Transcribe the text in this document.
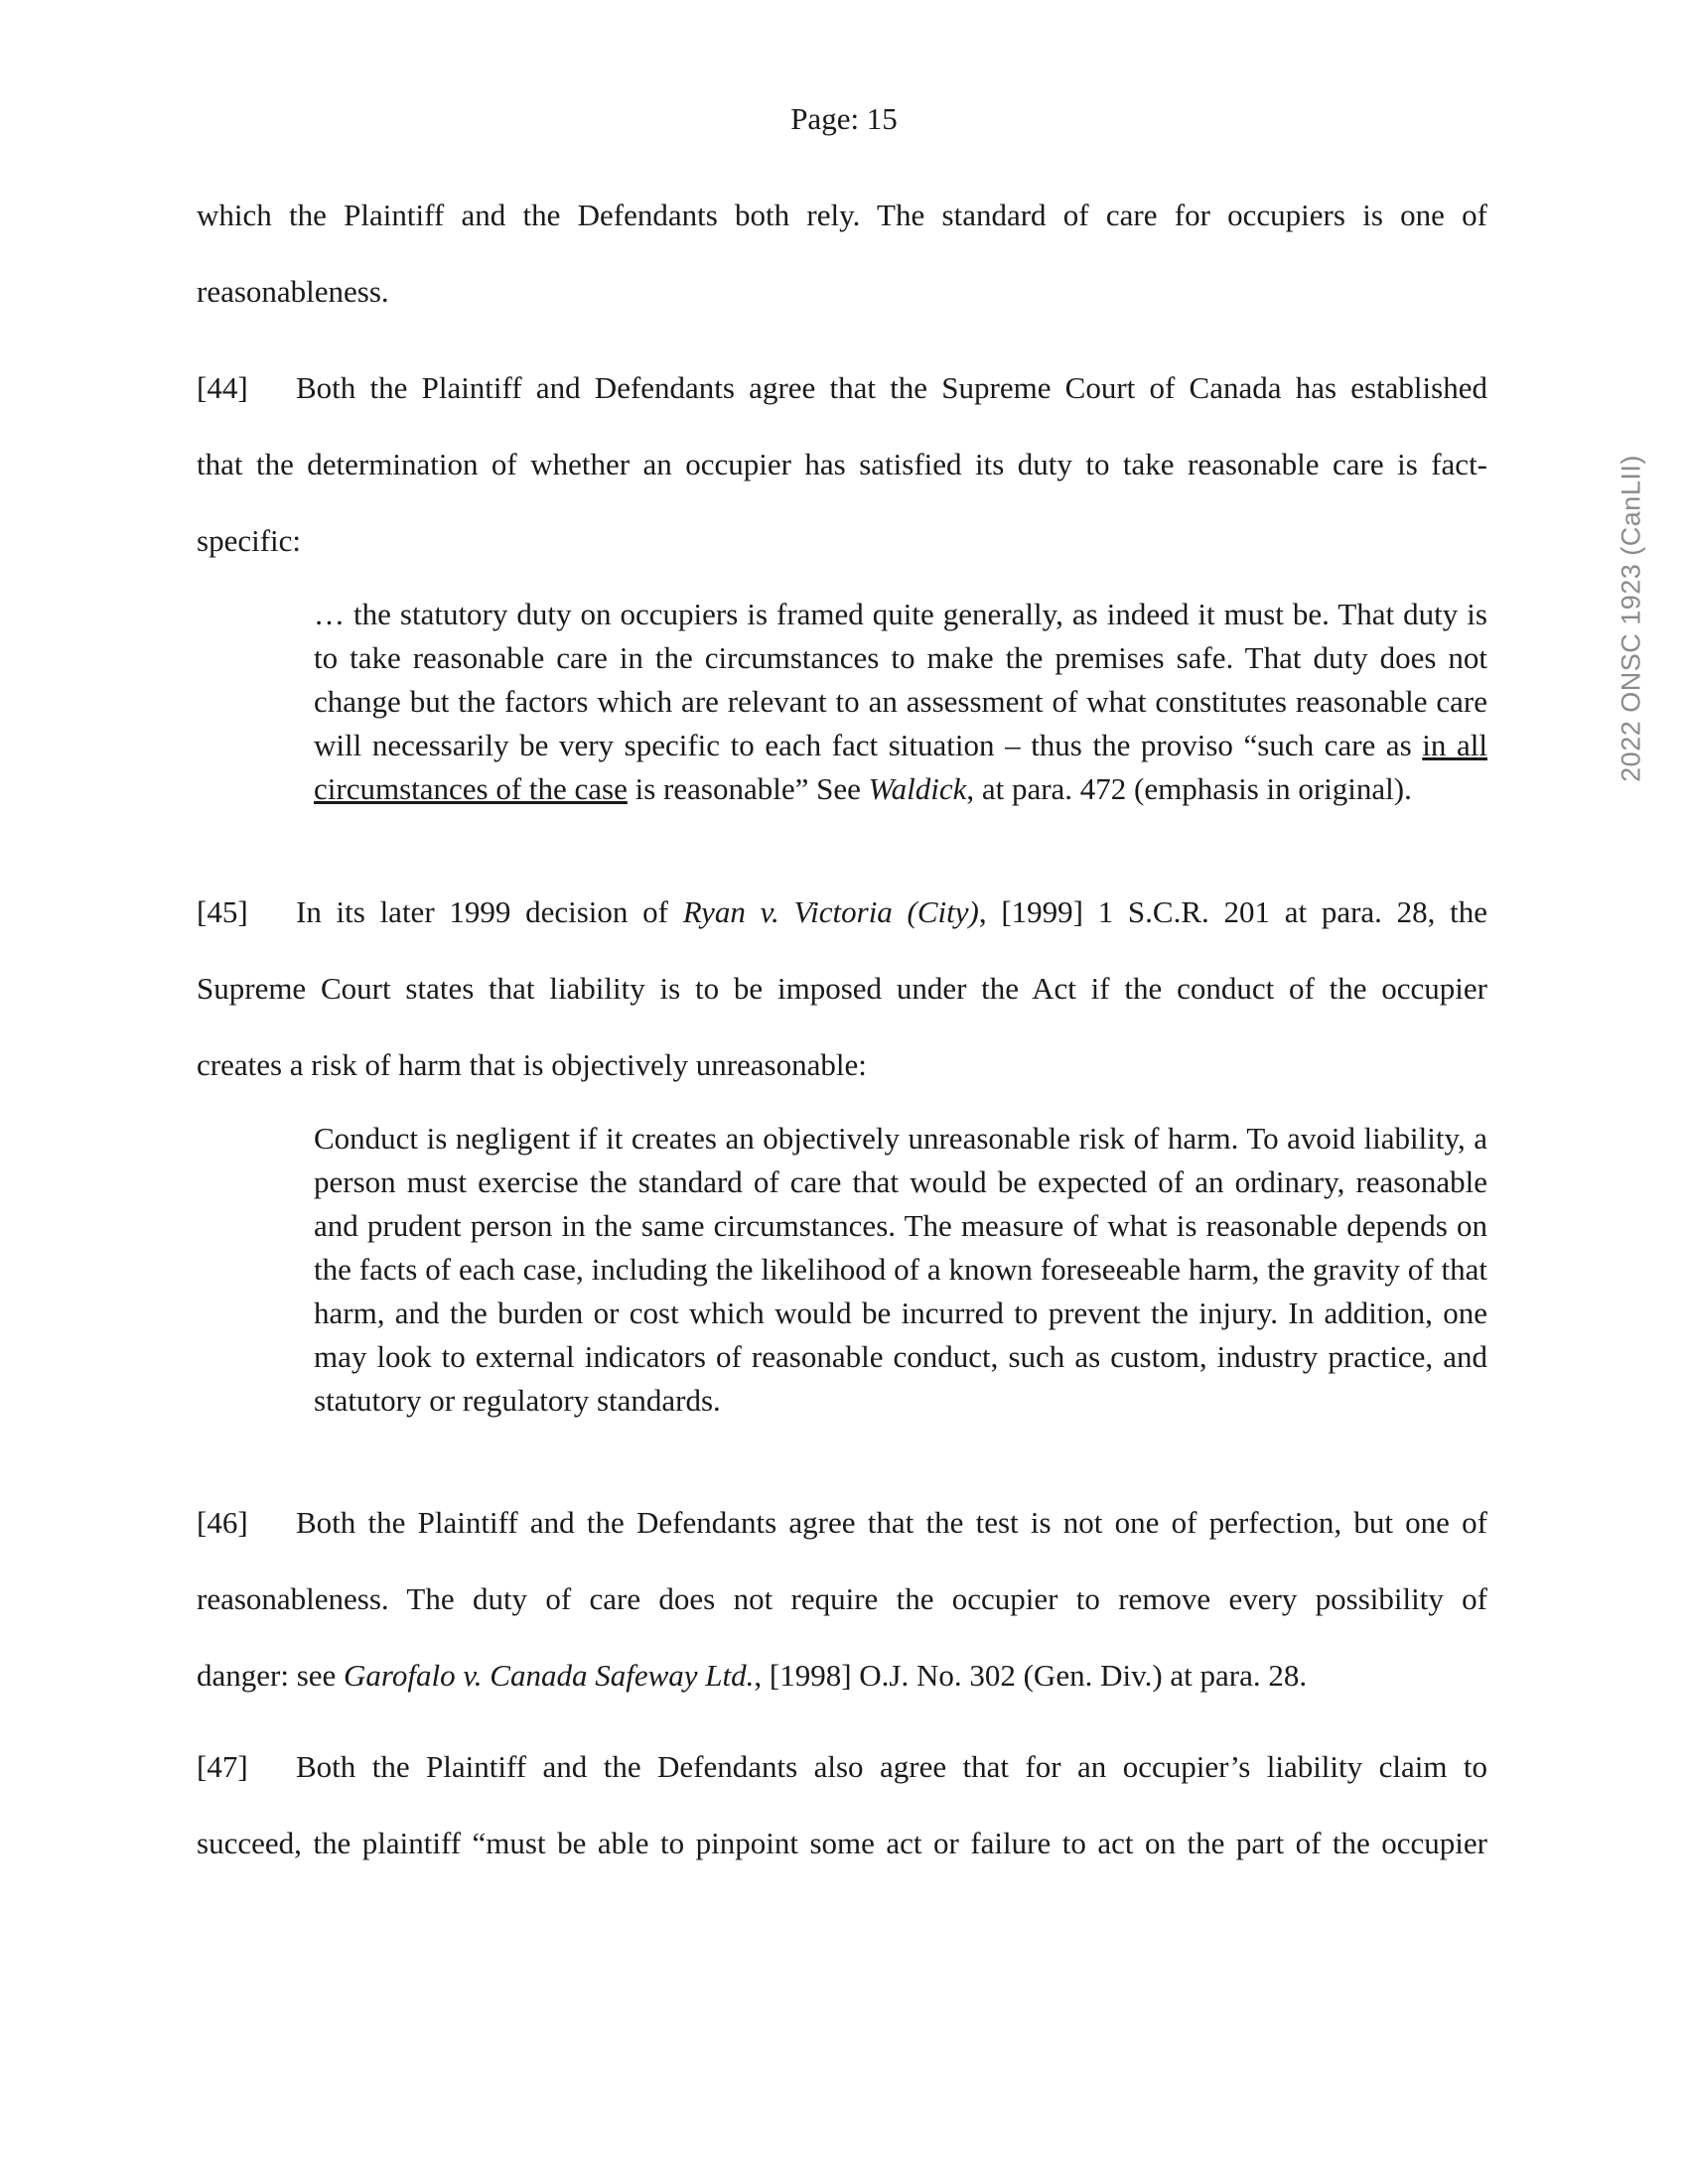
Page: 15
2022 ONSC 1923 (CanLII)

which the Plaintiff and the Defendants both rely. The standard of care for occupiers is one of

reasonableness.

[44] Both the Plaintiff and Defendants agree that the Supreme Court of Canada has established

that the determination of whether an occupier has satisfied its duty to take reasonable care is fact-

specific:

… the statutory duty on occupiers is framed quite generally, as indeed it must be. That duty is to take reasonable care in the circumstances to make the premises safe. That duty does not change but the factors which are relevant to an assessment of what constitutes reasonable care will necessarily be very specific to each fact situation – thus the proviso “such care as in all circumstances of the case is reasonable” See Waldick, at para. 472 (emphasis in original).

[45] In its later 1999 decision of Ryan v. Victoria (City), [1999] 1 S.C.R. 201 at para. 28, the

Supreme Court states that liability is to be imposed under the Act if the conduct of the occupier

creates a risk of harm that is objectively unreasonable:

Conduct is negligent if it creates an objectively unreasonable risk of harm. To avoid liability, a person must exercise the standard of care that would be expected of an ordinary, reasonable and prudent person in the same circumstances. The measure of what is reasonable depends on the facts of each case, including the likelihood of a known foreseeable harm, the gravity of that harm, and the burden or cost which would be incurred to prevent the injury. In addition, one may look to external indicators of reasonable conduct, such as custom, industry practice, and statutory or regulatory standards.

[46] Both the Plaintiff and the Defendants agree that the test is not one of perfection, but one of

reasonableness. The duty of care does not require the occupier to remove every possibility of

danger: see Garofalo v. Canada Safeway Ltd., [1998] O.J. No. 302 (Gen. Div.) at para. 28.

[47] Both the Plaintiff and the Defendants also agree that for an occupier’s liability claim to

succeed, the plaintiff “must be able to pinpoint some act or failure to act on the part of the occupier
